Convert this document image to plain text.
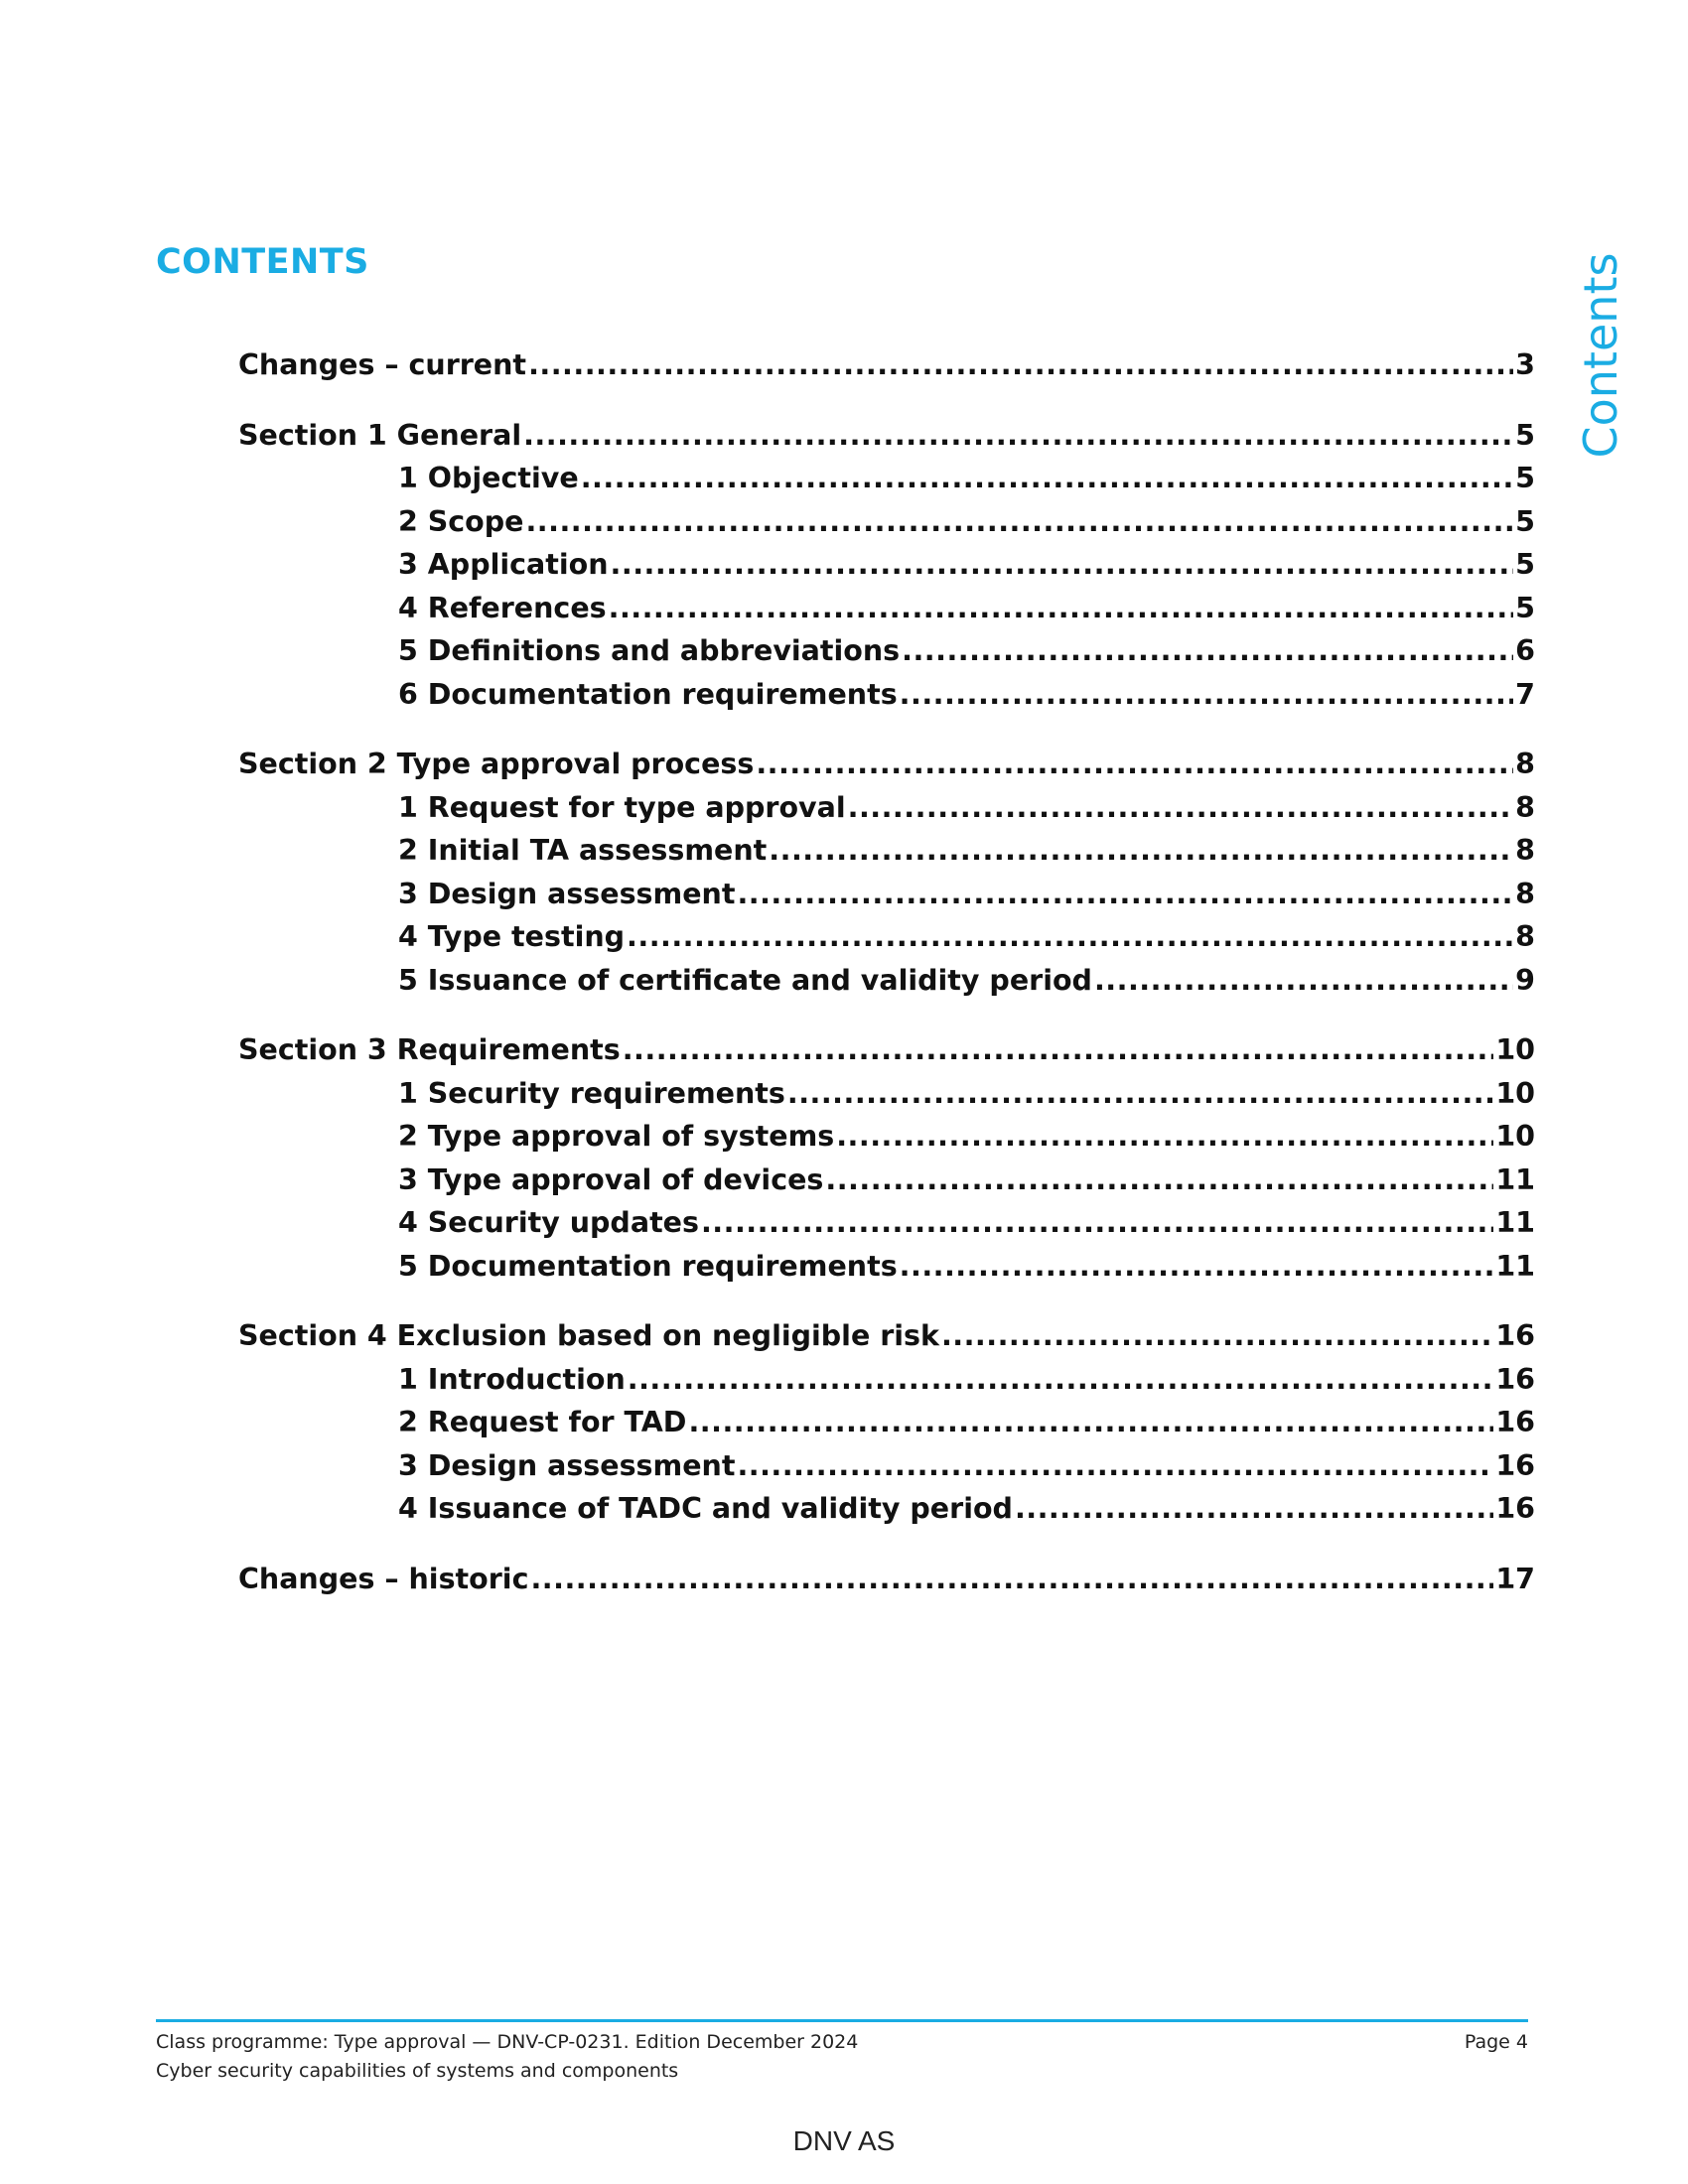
CONTENTS	Contents
Changes – current .....	3
Section 1 General .....	5
1 Objective .....	5
2 Scope .....	5
3 Application .....	5
4 References .....	5
5 Definitions and abbreviations .....	6
6 Documentation requirements .....	7
Section 2 Type approval process .....	8
1 Request for type approval .....	8
2 Initial TA assessment .....	8
3 Design assessment .....	8
4 Type testing .....	8
5 Issuance of certificate and validity period .....	9
Section 3 Requirements .....	10
1 Security requirements .....	10
2 Type approval of systems .....	10
3 Type approval of devices .....	11
4 Security updates .....	11
5 Documentation requirements .....	11
Section 4 Exclusion based on negligible risk .....	16
1 Introduction .....	16
2 Request for TAD .....	16
3 Design assessment .....	16
4 Issuance of TADC and validity period .....	16
Changes – historic .....	17
Class programme: Type approval — DNV-CP-0231. Edition December 2024
Cyber security capabilities of systems and components
Page 4
DNV AS
